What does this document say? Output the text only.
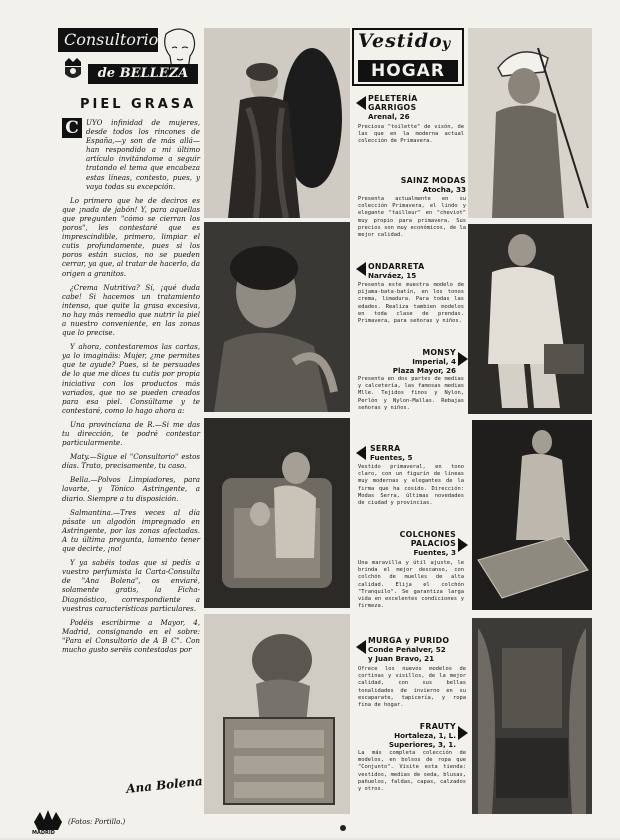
Consultorio
de BELLEZA
Vestido y
HOGAR
PIEL GRASA
C	UYO infinidad de mujeres, desde todos los rincones de España,—y son de más allá—han respondido a mi último artículo invitándome a seguir tratando el tema que encabeza estas líneas, contesto, pues, y vaya todas su excepción.

Lo primero que he de deciros es que ¡nada de jabón! Y, para aquellas que pregunten "cómo se cierran los poros", les contestaré que es imprescindible, primero, limpiar el cutis profundamente, pues si los poros están sucios, no se pueden cerrar, ya que, al tratar de hacerlo, da origen a granitos.

¿Crema Nutritiva? Sí, ¡qué duda cabe! Si hacemos un tratamiento intenso, que quite la grasa excesiva, no hay más remedio que nutrir la piel a nuestro conveniente, en las zonas que lo precise.

Y ahora, contestaremos las cartas, ya lo imagináis: Mujer, ¿me permites que te ayude? Pues, si te persuades de lo que me dices tu cutis por propia iniciativa con los productos más variados, que no se pueden creados para esa piel. Consúltame y te contestaré, como lo hago ahora a:

Una provinciana de R.—Si me das tu dirección, te podré contestar particularmente.

Maty.—Sigue el "Consultorio" estos días. Trato, precisamente, tu caso.

Bella.—Polvos Limpiadores, para lavarte, y Tónico Astringente, a diario. Siempre a tu disposición.

Salmantina.—Tres veces al día pásate un algodón impregnado en Astringente, por las zonas afectadas. A tu última pregunta, lamento tener que decirte, ¡no!

Y ya sabéis todas que si pedís a vuestro perfumista la Carta-Consulta de "Ana Bolena", os enviaré, solamente gratis, la Ficha-Diagnóstico, correspondiente a vuestras características particulares.

Podéis escribirme a Mayor, 4, Madrid, consignando en el sobre: "Para el Consultorio de A B C". Con mucho gusto seréis contestadas por

Ana Bolena
(Fotos: Portillo.)
MADRID
PELETERÍA
GARRIGOS
Arenal, 26
Preciosa "toilette" de visón, de las que en la moderna actual colección de Primavera.
SAINZ MODAS
Atocha, 33
Presenta actualmente en su colección Primavera, el lindo y elegante "tailleur" en "cheviot" muy propio para primavera. Sus precios son muy económicos, de la mejor calidad.
ONDARRETA
Narváez, 15
Presenta este muestra modelo de pijama-bata-batín, en los tonos crema, limadura. Para todas las edades. Realiza tambien modelos en toda clase de prendas. Primavera, para señoras y niños.
MONSY
Imperial, 4
Plaza Mayor, 26
Presenta en dos partes de medias y calcetería, las famosas medias Mlle. Tejidos finos y Nylon, Perlón y Nylon-Mallas. Rebajas señoras y niños.
SERRA
Fuentes, 5
Vestido primaveral, en tono claro, con un figurín de líneas muy modernas y elegantes de la firma que ha cosido. Dirección: Modas Serra, últimas novedades de ciudad y provincias.
COLCHONES
PALACIOS
Fuentes, 3
Una maravilla y útil ajuste, le brinda el mejor descanso, con colchón de muelles de alta calidad. Elija el colchón "Tranquilo". Se garantiza larga vida en excelentes condiciones y firmeza.
MURGA y PURIDO
Conde Peñalver, 52
y Juan Bravo, 21
Ofrece los nuevos modelos de cortinas y visillos, de la mejor calidad, con sus bellas tonalidades de invierno en su escaparate, tapicería, y ropa fina de hogar.
FRAUTY
Hortaleza, 1, L.
Superiores, 3, 1.
La más completa colección de modelos, en bolsos de ropa que "Conjunto". Visite esta tienda: vestidos, medias de seda, blusas, pañuelos, faldas, capas, calzados y otros.
